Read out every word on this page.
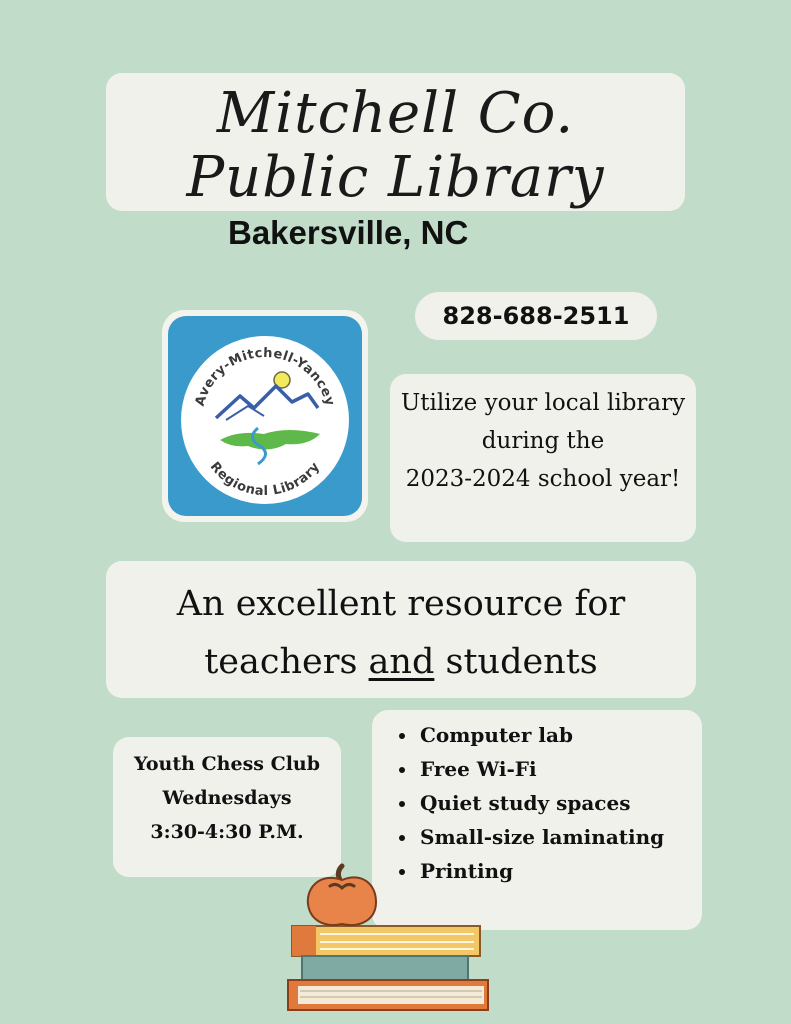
Mitchell Co.
Public Library
Bakersville, NC
828-688-2511
Avery-Mitchell-Yancey
Regional Library
Utilize your local library
during the
2023-2024 school year!
An excellent resource for
teachers and students
Youth Chess Club
Wednesdays
3:30-4:30 P.M.
• Computer lab
• Free Wi-Fi
• Quiet study spaces
• Small-size laminating
• Printing
